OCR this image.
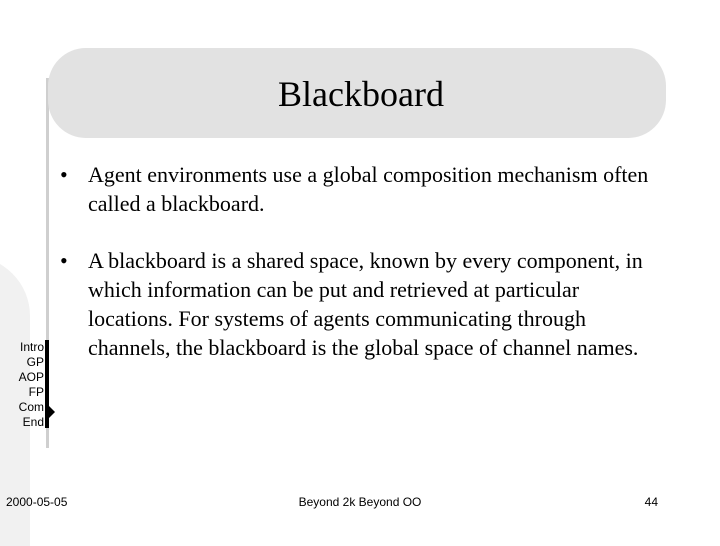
Blackboard
• Agent environments use a global composition mechanism often called a blackboard.
• A blackboard is a shared space, known by every component, in which information can be put and retrieved at particular locations. For systems of agents communicating through channels, the blackboard is the global space of channel names.
Intro
GP
AOP
FP
Com
End
2000-05-05	Beyond 2k Beyond OO	44
